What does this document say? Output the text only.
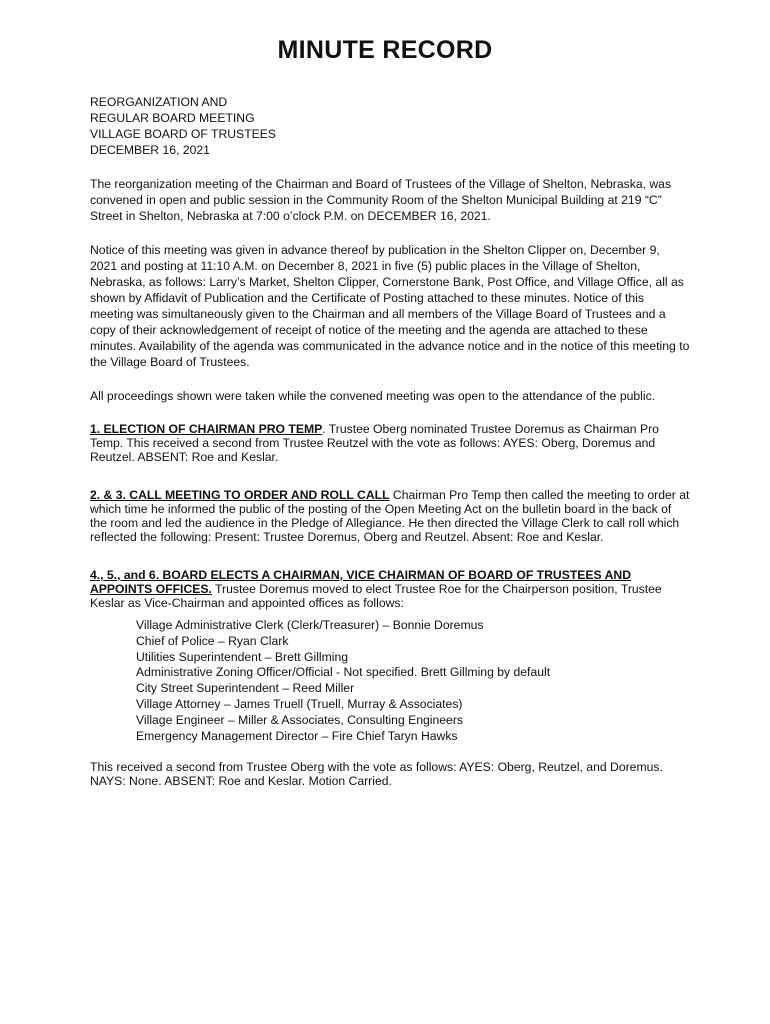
MINUTE RECORD
REORGANIZATION AND
REGULAR BOARD MEETING
VILLAGE BOARD OF TRUSTEES
DECEMBER 16, 2021

The reorganization meeting of the Chairman and Board of Trustees of the Village of Shelton, Nebraska, was convened in open and public session in the Community Room of the Shelton Municipal Building at 219 “C” Street in Shelton, Nebraska at 7:00 o’clock P.M. on DECEMBER 16, 2021.

Notice of this meeting was given in advance thereof by publication in the Shelton Clipper on, December 9, 2021 and posting at 11:10 A.M. on December 8, 2021 in five (5) public places in the Village of Shelton, Nebraska, as follows: Larry’s Market, Shelton Clipper, Cornerstone Bank, Post Office, and Village Office, all as shown by Affidavit of Publication and the Certificate of Posting attached to these minutes. Notice of this meeting was simultaneously given to the Chairman and all members of the Village Board of Trustees and a copy of their acknowledgement of receipt of notice of the meeting and the agenda are attached to these minutes. Availability of the agenda was communicated in the advance notice and in the notice of this meeting to the Village Board of Trustees.

All proceedings shown were taken while the convened meeting was open to the attendance of the public.

1. ELECTION OF CHAIRMAN PRO TEMP. Trustee Oberg nominated Trustee Doremus as Chairman Pro Temp. This received a second from Trustee Reutzel with the vote as follows: AYES: Oberg, Doremus and Reutzel. ABSENT: Roe and Keslar.

2. & 3. CALL MEETING TO ORDER AND ROLL CALL Chairman Pro Temp then called the meeting to order at which time he informed the public of the posting of the Open Meeting Act on the bulletin board in the back of the room and led the audience in the Pledge of Allegiance. He then directed the Village Clerk to call roll which reflected the following: Present: Trustee Doremus, Oberg and Reutzel. Absent: Roe and Keslar.

4., 5., and 6. BOARD ELECTS A CHAIRMAN, VICE CHAIRMAN OF BOARD OF TRUSTEES AND APPOINTS OFFICES. Trustee Doremus moved to elect Trustee Roe for the Chairperson position, Trustee Keslar as Vice-Chairman and appointed offices as follows:

Village Administrative Clerk (Clerk/Treasurer) – Bonnie Doremus
Chief of Police – Ryan Clark
Utilities Superintendent – Brett Gillming
Administrative Zoning Officer/Official - Not specified. Brett Gillming by default
City Street Superintendent – Reed Miller
Village Attorney – James Truell (Truell, Murray & Associates)
Village Engineer – Miller & Associates, Consulting Engineers
Emergency Management Director – Fire Chief Taryn Hawks

This received a second from Trustee Oberg with the vote as follows: AYES: Oberg, Reutzel, and Doremus. NAYS: None. ABSENT: Roe and Keslar. Motion Carried.
